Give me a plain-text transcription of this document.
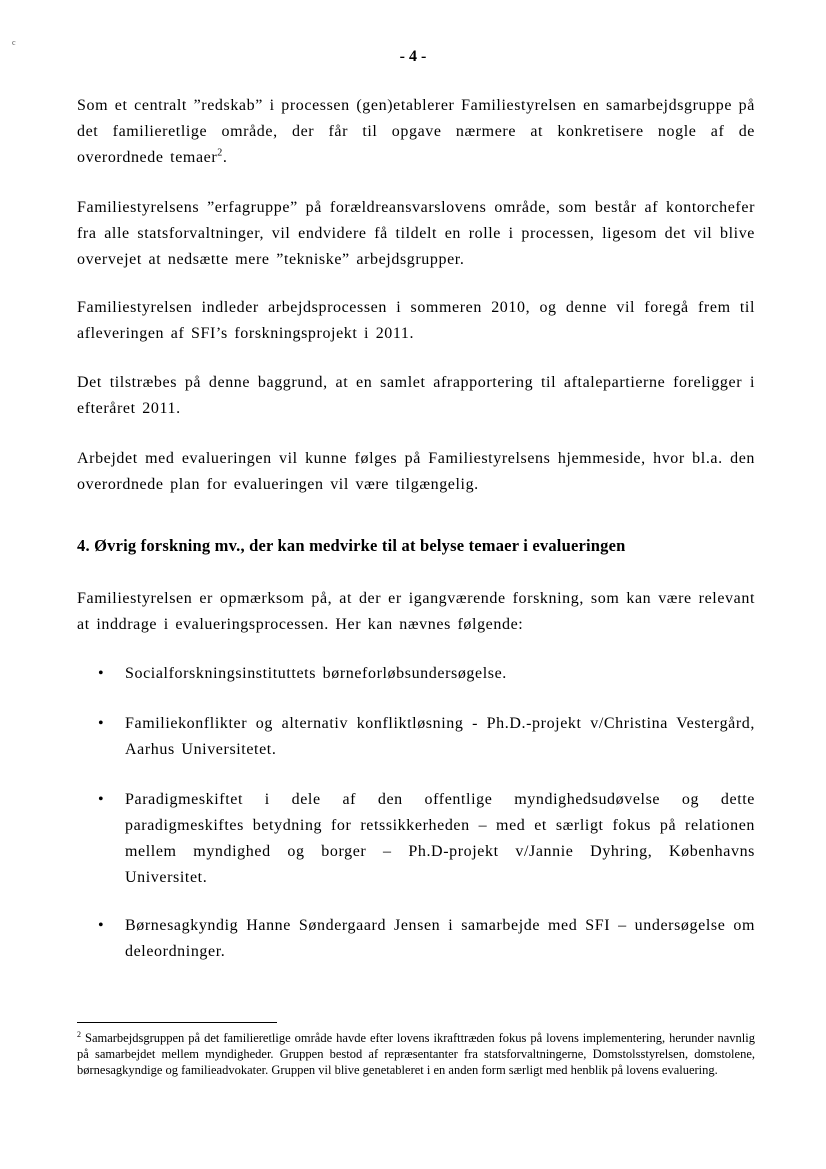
c
- 4 -

Som et centralt ”redskab” i processen (gen)etablerer Familiestyrelsen en samarbejdsgruppe på det familieretlige område, der får til opgave nærmere at konkretisere nogle af de overordnede temaer$^2$.

Familiestyrelsens ”erfagruppe” på forældreansvarslovens område, som består af kontorchefer fra alle statsforvaltninger, vil endvidere få tildelt en rolle i processen, ligesom det vil blive overvejet at nedsætte mere ”tekniske” arbejdsgrupper.

Familiestyrelsen indleder arbejdsprocessen i sommeren 2010, og denne vil foregå frem til afleveringen af SFI’s forskningsprojekt i 2011.

Det tilstræbes på denne baggrund, at en samlet afrapportering til aftalepartierne foreligger i efteråret 2011.

Arbejdet med evalueringen vil kunne følges på Familiestyrelsens hjemmeside, hvor bl.a. den overordnede plan for evalueringen vil være tilgængelig.

4. Øvrig forskning mv., der kan medvirke til at belyse temaer i evalueringen

Familiestyrelsen er opmærksom på, at der er igangværende forskning, som kan være relevant at inddrage i evalueringsprocessen. Her kan nævnes følgende:

• Socialforskningsinstituttets børneforløbsundersøgelse.

• Familiekonflikter og alternativ konfliktløsning - Ph.D.-projekt v/Christina Vestergård, Aarhus Universitetet.

• Paradigmeskiftet i dele af den offentlige myndighedsudøvelse og dette paradigmeskiftes betydning for retssikkerheden – med et særligt fokus på relationen mellem myndighed og borger – Ph.D-projekt v/Jannie Dyhring, Københavns Universitet.

• Børnesagkyndig Hanne Søndergaard Jensen i samarbejde med SFI – undersøgelse om deleordninger.

$^2$ Samarbejdsgruppen på det familieretlige område havde efter lovens ikrafttræden fokus på lovens implementering, herunder navnlig på samarbejdet mellem myndigheder. Gruppen bestod af repræsentanter fra statsforvaltningerne, Domstolsstyrelsen, domstolene, børnesagkyndige og familieadvokater. Gruppen vil blive genetableret i en anden form særligt med henblik på lovens evaluering.
